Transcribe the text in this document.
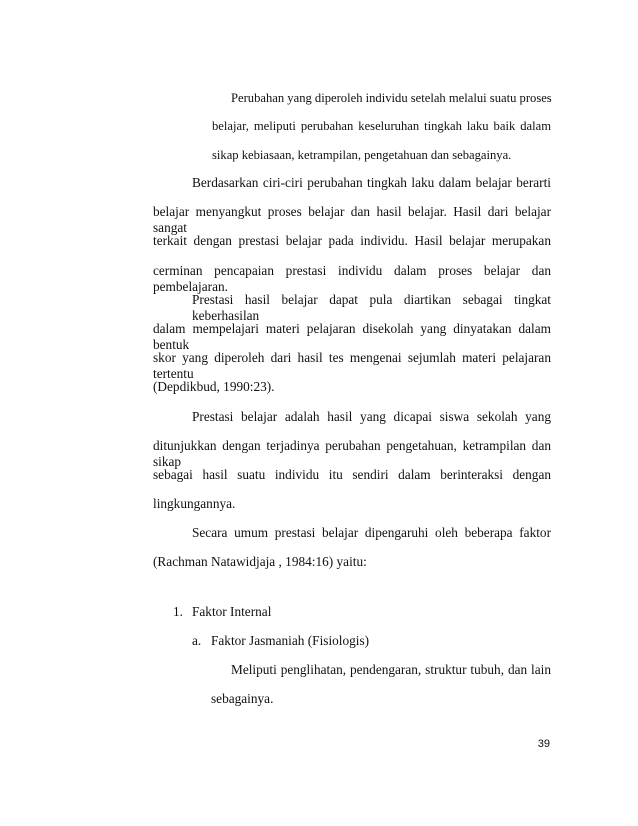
Perubahan yang diperoleh individu setelah melalui suatu proses

belajar, meliputi perubahan keseluruhan tingkah laku baik dalam

sikap kebiasaan, ketrampilan, pengetahuan dan sebagainya.

Berdasarkan ciri-ciri perubahan tingkah laku dalam belajar berarti

belajar menyangkut proses belajar dan hasil belajar. Hasil dari belajar sangat

terkait dengan prestasi belajar pada individu. Hasil belajar merupakan

cerminan pencapaian prestasi individu dalam proses belajar dan pembelajaran.

Prestasi hasil belajar dapat pula diartikan sebagai tingkat keberhasilan

dalam mempelajari materi pelajaran disekolah yang dinyatakan dalam bentuk

skor yang diperoleh dari hasil tes mengenai sejumlah materi pelajaran tertentu

(Depdikbud, 1990:23).

Prestasi belajar adalah hasil yang dicapai siswa sekolah yang

ditunjukkan dengan terjadinya perubahan pengetahuan, ketrampilan dan sikap

sebagai hasil suatu individu itu sendiri dalam berinteraksi dengan

lingkungannya.

Secara umum prestasi belajar dipengaruhi oleh beberapa faktor

(Rachman Natawidjaja , 1984:16) yaitu:

1. Faktor Internal

a. Faktor Jasmaniah (Fisiologis)

Meliputi penglihatan, pendengaran, struktur tubuh, dan lain

sebagainya.

39
